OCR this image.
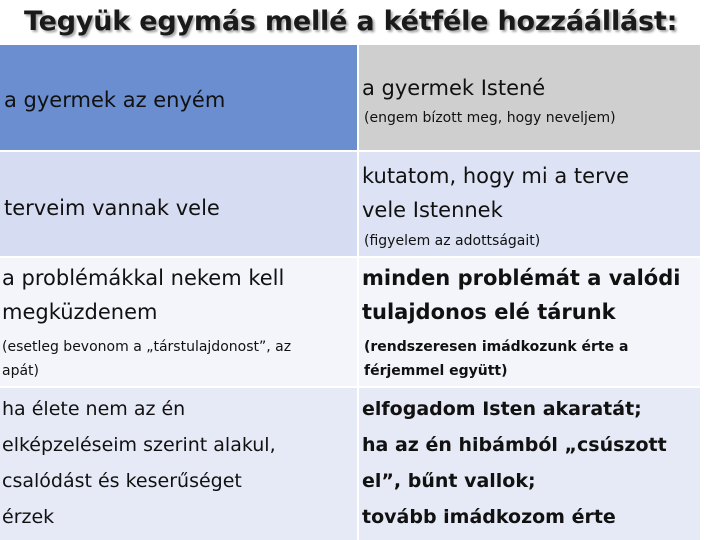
Tegyük egymás mellé a kétféle hozzáállást:
a gyermek az enyém	a gyermek Istené
(engem bízott meg, hogy neveljem)
terveim vannak vele
kutatom, hogy mi a terve
vele Istennek
(figyelem az adottságait)
a problémákkal nekem kell
megküzdenem
(esetleg bevonom a „társtulajdonost”, az
apát)
minden problémát a valódi
tulajdonos elé tárunk
(rendszeresen imádkozunk érte a
férjemmel együtt)
ha élete nem az én
elképzeléseim szerint alakul,
csalódást és keserűséget
érzek
elfogadom Isten akaratát;
ha az én hibámból „csúszott
el”, bűnt vallok;
tovább imádkozom érte
